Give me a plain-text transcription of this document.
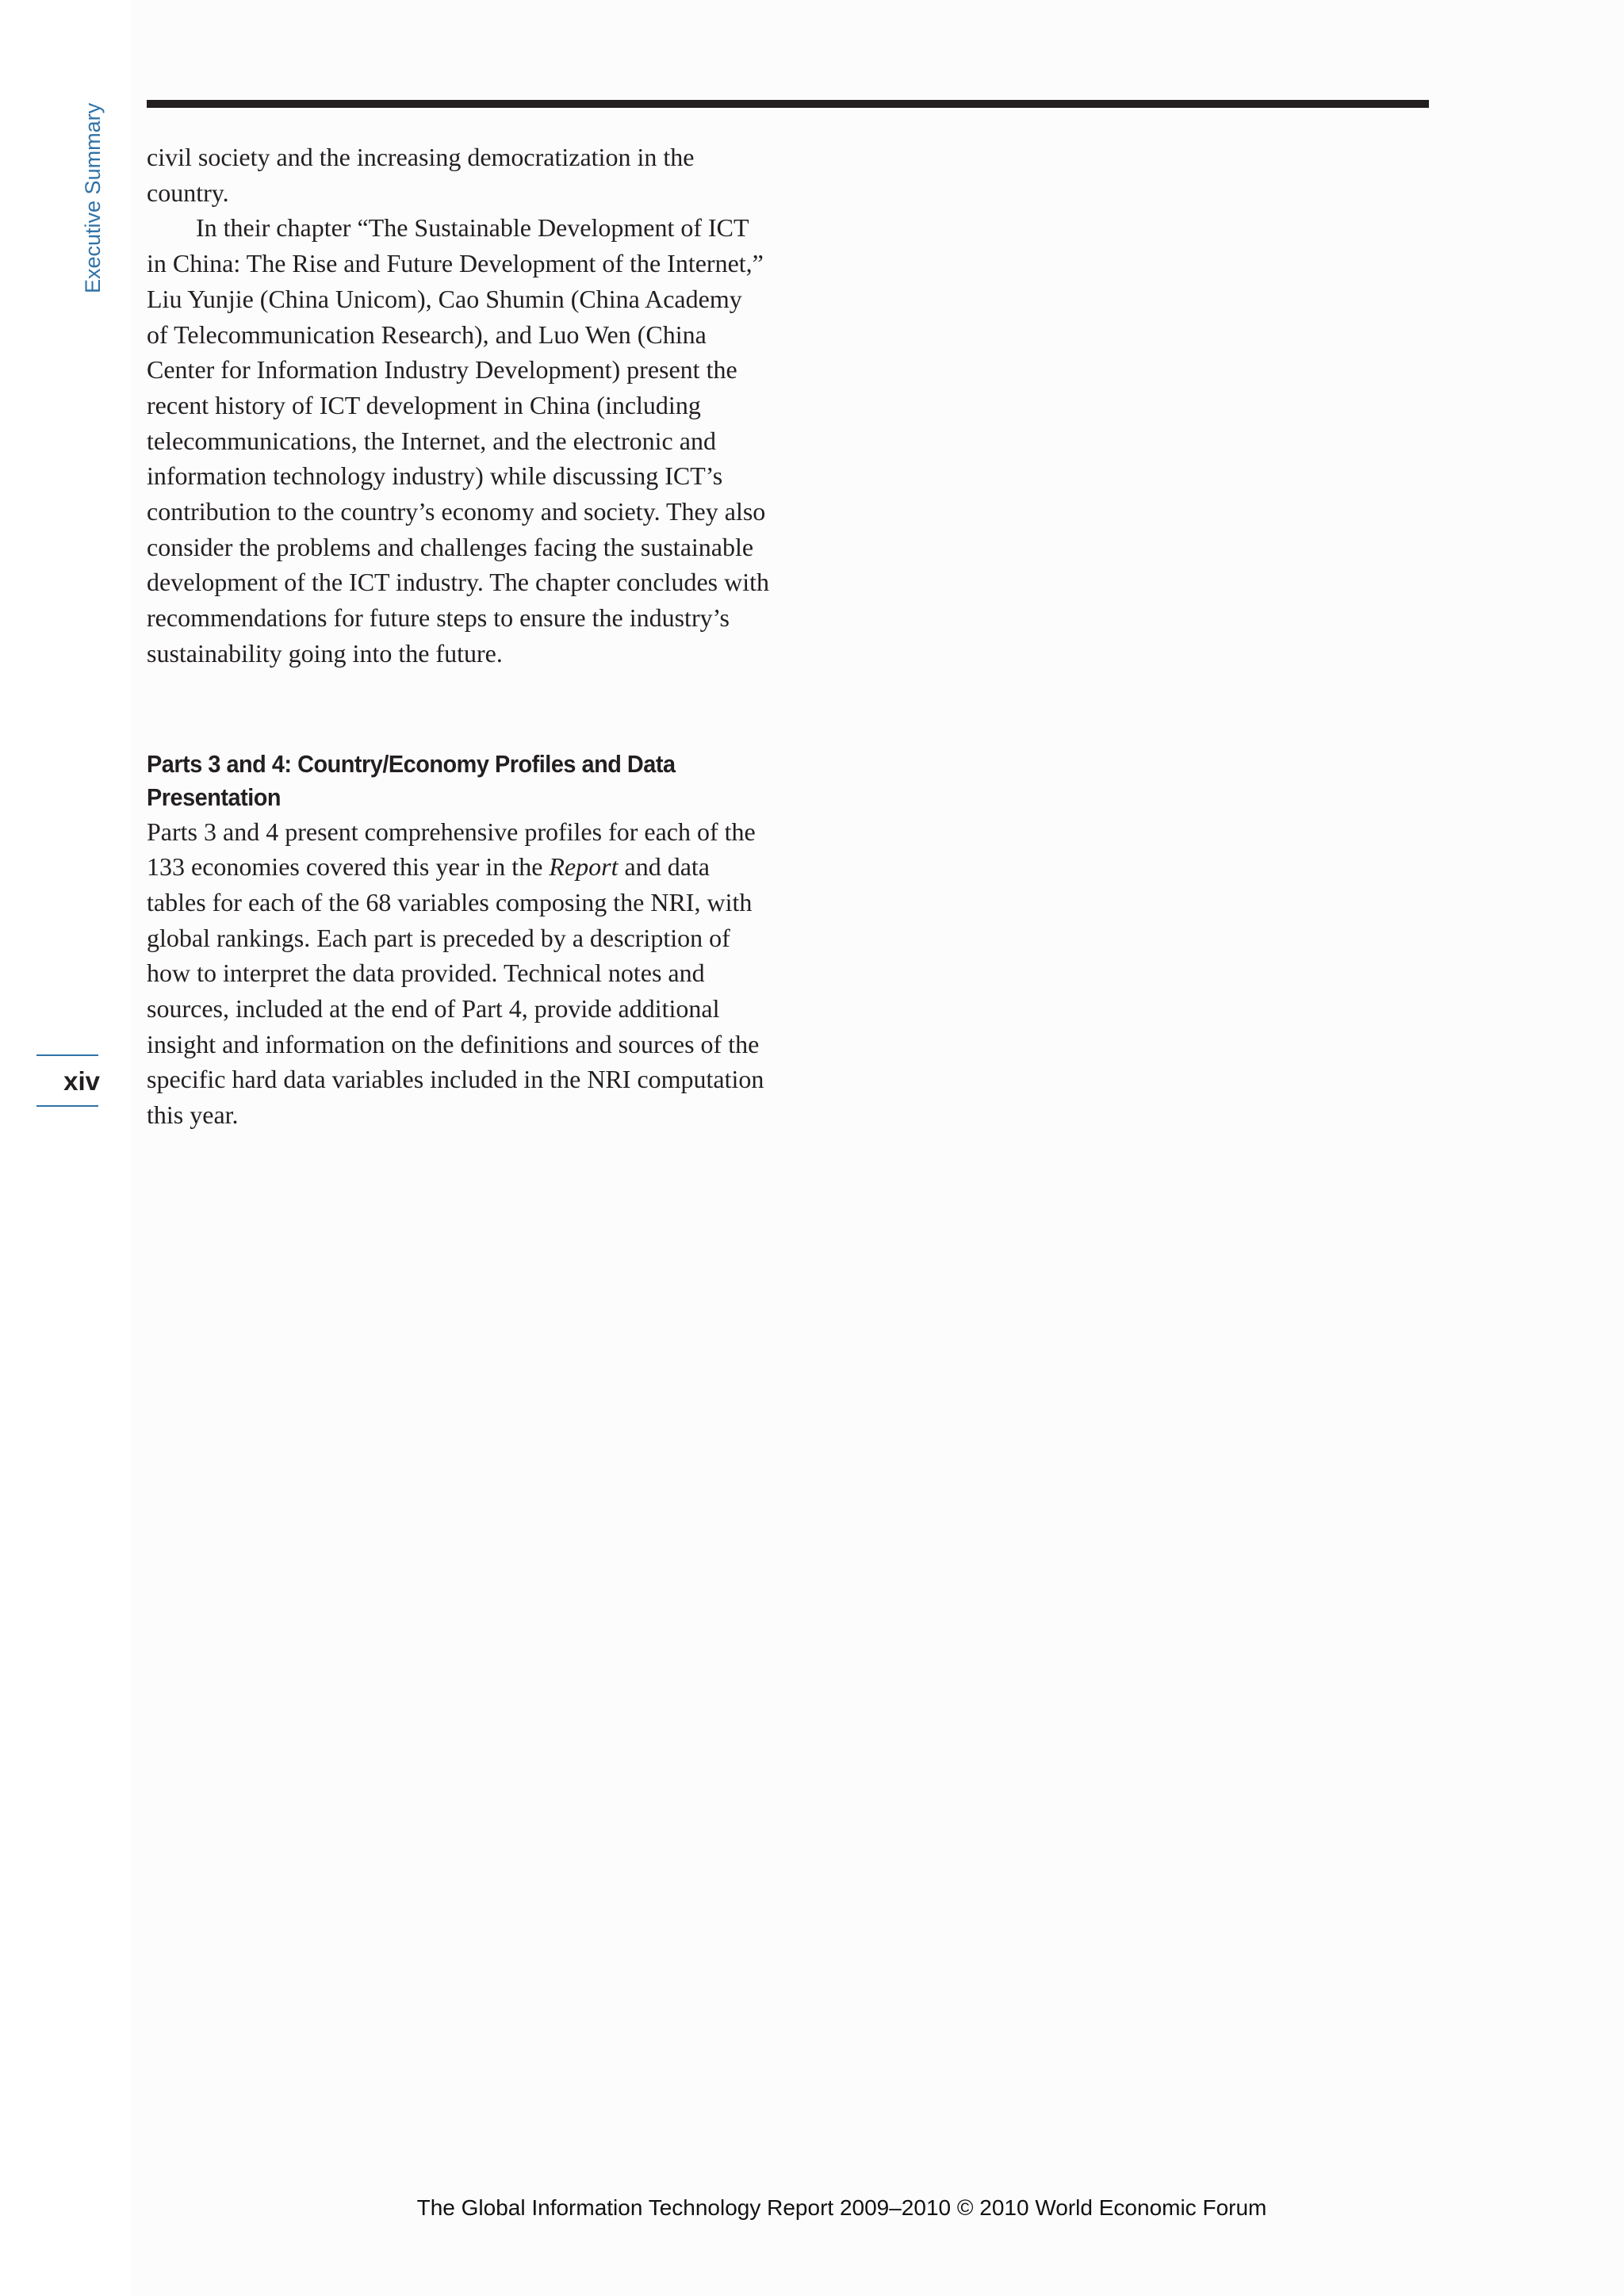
Executive Summary
xiv

civil society and the increasing democratization in the country.

In their chapter “The Sustainable Development of ICT in China: The Rise and Future Development of the Internet,” Liu Yunjie (China Unicom), Cao Shumin (China Academy of Telecommunication Research), and Luo Wen (China Center for Information Industry Development) present the recent history of ICT development in China (including telecommunications, the Internet, and the electronic and information technology industry) while discussing ICT’s contribution to the country’s economy and society. They also consider the problems and challenges facing the sustainable development of the ICT industry. The chapter concludes with recommendations for future steps to ensure the industry’s sustainability going into the future.

Parts 3 and 4: Country/Economy Profiles and Data Presentation

Parts 3 and 4 present comprehensive profiles for each of the 133 economies covered this year in the Report and data tables for each of the 68 variables composing the NRI, with global rankings. Each part is preceded by a description of how to interpret the data provided. Technical notes and sources, included at the end of Part 4, provide additional insight and information on the definitions and sources of the specific hard data variables included in the NRI computation this year.

The Global Information Technology Report 2009–2010 © 2010 World Economic Forum
